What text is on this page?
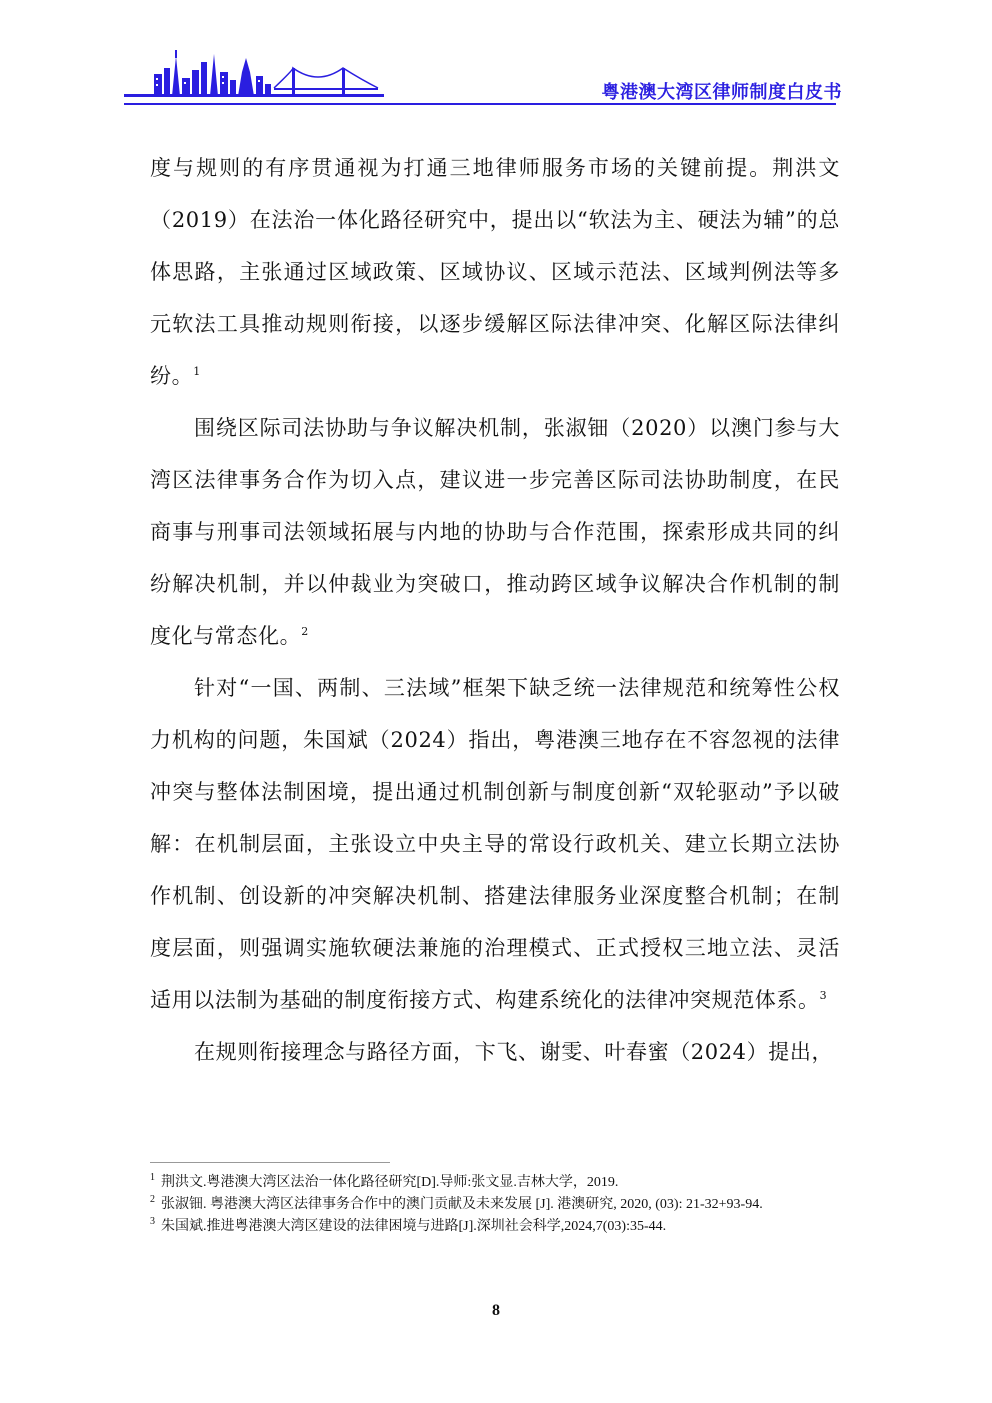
粤港澳大湾区律师制度白皮书

度与规则的有序贯通视为打通三地律师服务市场的关键前提。荆洪文（2019）在法治一体化路径研究中，提出以“软法为主、硬法为辅”的总体思路，主张通过区域政策、区域协议、区域示范法、区域判例法等多元软法工具推动规则衔接，以逐步缓解区际法律冲突、化解区际法律纠纷。$^1$

围绕区际司法协助与争议解决机制，张淑钿（2020）以澳门参与大湾区法律事务合作为切入点，建议进一步完善区际司法协助制度，在民商事与刑事司法领域拓展与内地的协助与合作范围，探索形成共同的纠纷解决机制，并以仲裁业为突破口，推动跨区域争议解决合作机制的制度化与常态化。$^2$

针对“一国、两制、三法域”框架下缺乏统一法律规范和统筹性公权力机构的问题，朱国斌（2024）指出，粤港澳三地存在不容忽视的法律冲突与整体法制困境，提出通过机制创新与制度创新“双轮驱动”予以破解：在机制层面，主张设立中央主导的常设行政机关、建立长期立法协作机制、创设新的冲突解决机制、搭建法律服务业深度整合机制；在制度层面，则强调实施软硬法兼施的治理模式、正式授权三地立法、灵活适用以法制为基础的制度衔接方式、构建系统化的法律冲突规范体系。$^3$

在规则衔接理念与路径方面，卞飞、谢雯、叶春蜜（2024）提出，

$^1$ 荆洪文.粤港澳大湾区法治一体化路径研究[D].导师:张文显.吉林大学，2019.

$^2$ 张淑钿. 粤港澳大湾区法律事务合作中的澳门贡献及未来发展 [J]. 港澳研究, 2020, (03): 21-32+93-94.

$^3$ 朱国斌.推进粤港澳大湾区建设的法律困境与进路[J].深圳社会科学,2024,7(03):35-44.

8
